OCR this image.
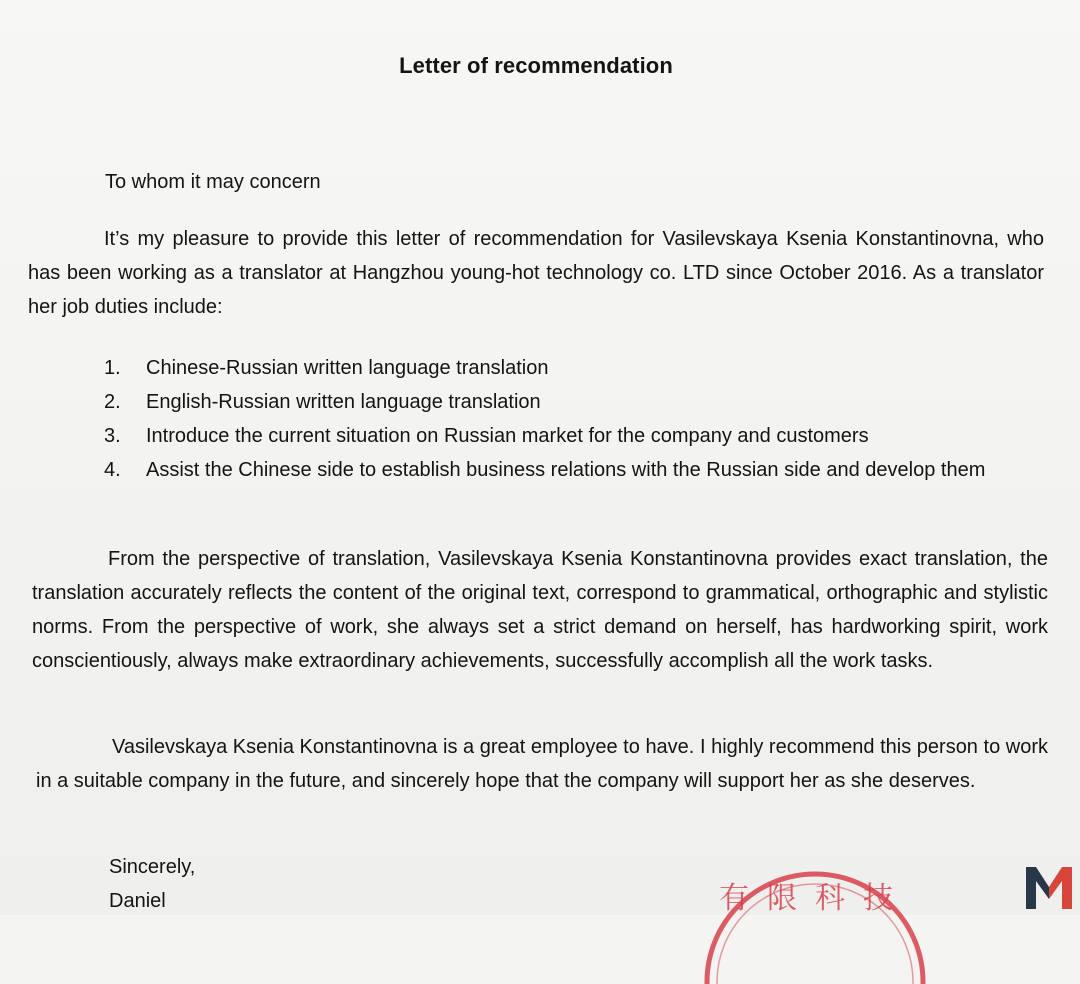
Letter of recommendation
To whom it may concern

It’s my pleasure to provide this letter of recommendation for Vasilevskaya Ksenia Konstantinovna, who has been working as a translator at Hangzhou young-hot technology co. LTD since October 2016. As a translator her job duties include:

1.	Chinese-Russian written language translation
2.	English-Russian written language translation
3.	Introduce the current situation on Russian market for the company and customers
4.	Assist the Chinese side to establish business relations with the Russian side and develop them

From the perspective of translation, Vasilevskaya Ksenia Konstantinovna provides exact translation, the translation accurately reflects the content of the original text, correspond to grammatical, orthographic and stylistic norms. From the perspective of work, she always set a strict demand on herself, has hardworking spirit, work conscientiously, always make extraordinary achievements, successfully accomplish all the work tasks.

Vasilevskaya Ksenia Konstantinovna is a great employee to have. I highly recommend this person to work in a suitable company in the future, and sincerely hope that the company will support her as she deserves.

Sincerely,
Daniel	有限科技
